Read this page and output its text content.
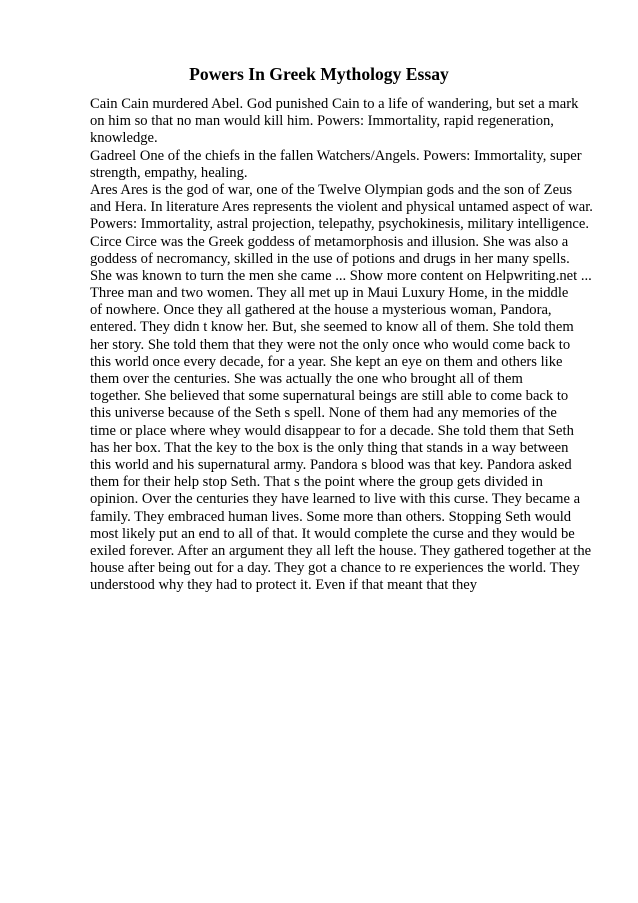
Powers In Greek Mythology Essay
Cain Cain murdered Abel. God punished Cain to a life of wandering, but set a mark
on him so that no man would kill him. Powers: Immortality, rapid regeneration,
knowledge.
Gadreel One of the chiefs in the fallen Watchers/Angels. Powers: Immortality, super
strength, empathy, healing.
Ares Ares is the god of war, one of the Twelve Olympian gods and the son of Zeus
and Hera. In literature Ares represents the violent and physical untamed aspect of war.
Powers: Immortality, astral projection, telepathy, psychokinesis, military intelligence.
Circe Circe was the Greek goddess of metamorphosis and illusion. She was also a
goddess of necromancy, skilled in the use of potions and drugs in her many spells.
She was known to turn the men she came ... Show more content on Helpwriting.net ...
Three man and two women. They all met up in Maui Luxury Home, in the middle
of nowhere. Once they all gathered at the house a mysterious woman, Pandora,
entered. They didn t know her. But, she seemed to know all of them. She told them
her story. She told them that they were not the only once who would come back to
this world once every decade, for a year. She kept an eye on them and others like
them over the centuries. She was actually the one who brought all of them
together. She believed that some supernatural beings are still able to come back to
this universe because of the Seth s spell. None of them had any memories of the
time or place where whey would disappear to for a decade. She told them that Seth
has her box. That the key to the box is the only thing that stands in a way between
this world and his supernatural army. Pandora s blood was that key. Pandora asked
them for their help stop Seth. That s the point where the group gets divided in
opinion. Over the centuries they have learned to live with this curse. They became a
family. They embraced human lives. Some more than others. Stopping Seth would
most likely put an end to all of that. It would complete the curse and they would be
exiled forever. After an argument they all left the house. They gathered together at the
house after being out for a day. They got a chance to re experiences the world. They
understood why they had to protect it. Even if that meant that they
